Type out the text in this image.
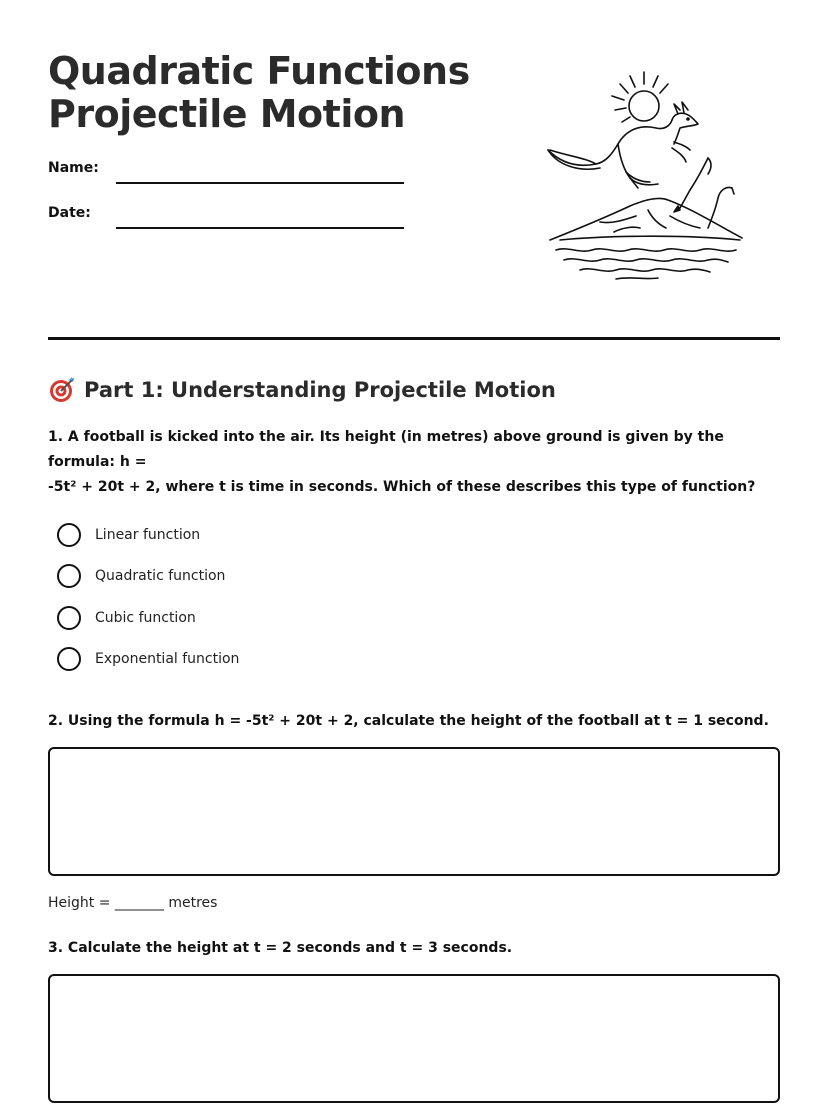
Quadratic Functions
Projectile Motion
Name:
Date:
Part 1: Understanding Projectile Motion
1. A football is kicked into the air. Its height (in metres) above ground is given by the formula: h =
-5t² + 20t + 2, where t is time in seconds. Which of these describes this type of function?
Linear function
Quadratic function
Cubic function
Exponential function
2. Using the formula h = -5t² + 20t + 2, calculate the height of the football at t = 1 second.
Height = _______ metres
3. Calculate the height at t = 2 seconds and t = 3 seconds.
